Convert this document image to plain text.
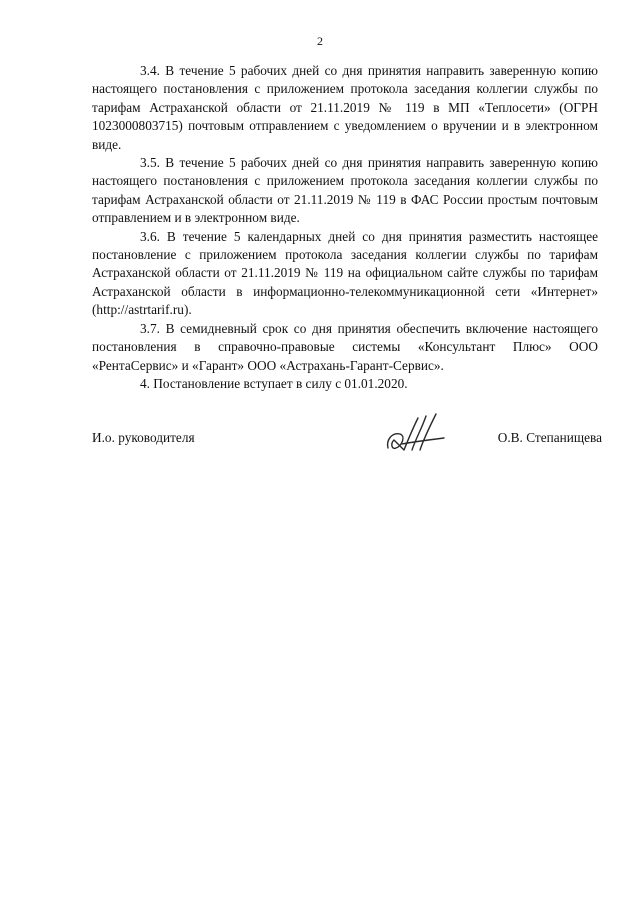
2

3.4. В течение 5 рабочих дней со дня принятия направить заверенную копию настоящего постановления с приложением протокола заседания коллегии службы по тарифам Астраханской области от 21.11.2019 № 119 в МП «Теплосети» (ОГРН 1023000803715) почтовым отправлением с уведомлением о вручении и в электронном виде.

3.5. В течение 5 рабочих дней со дня принятия направить заверенную копию настоящего постановления с приложением протокола заседания коллегии службы по тарифам Астраханской области от 21.11.2019 № 119 в ФАС России простым почтовым отправлением и в электронном виде.

3.6. В течение 5 календарных дней со дня принятия разместить настоящее постановление с приложением протокола заседания коллегии службы по тарифам Астраханской области от 21.11.2019 № 119 на официальном сайте службы по тарифам Астраханской области в информационно-телекоммуникационной сети «Интернет» (http://astrtarif.ru).

3.7. В семидневный срок со дня принятия обеспечить включение настоящего постановления в справочно-правовые системы «Консультант Плюс» ООО «РентаСервис» и «Гарант» ООО «Астрахань-Гарант-Сервис».

4. Постановление вступает в силу с 01.01.2020.

И.о. руководителя	О.В. Степанищева
